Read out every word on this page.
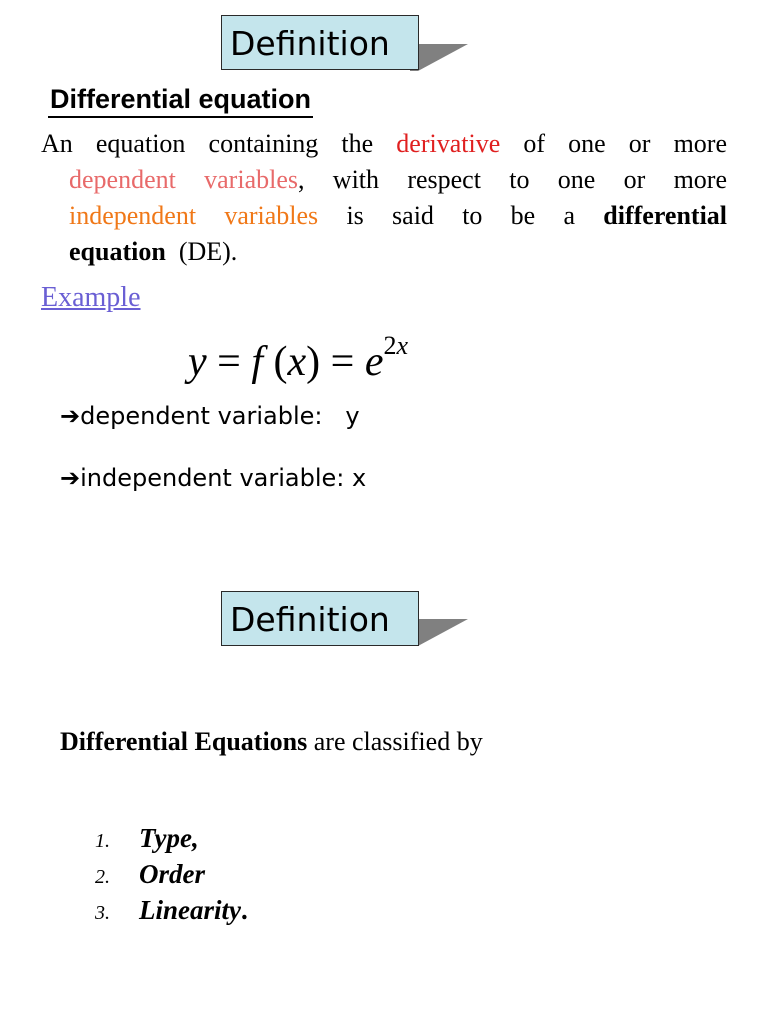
Definition
Differential equation
An equation containing the derivative of one or more
dependent variables, with respect to one or more
independent variables is said to be a differential
equation  (DE).
Example
y = f $(x) = e^{2x}$
➔dependent variable:   y
➔independent variable: x
Definition
Differential Equations are classified by
1. Type,
2. Order
3. Linearity.
